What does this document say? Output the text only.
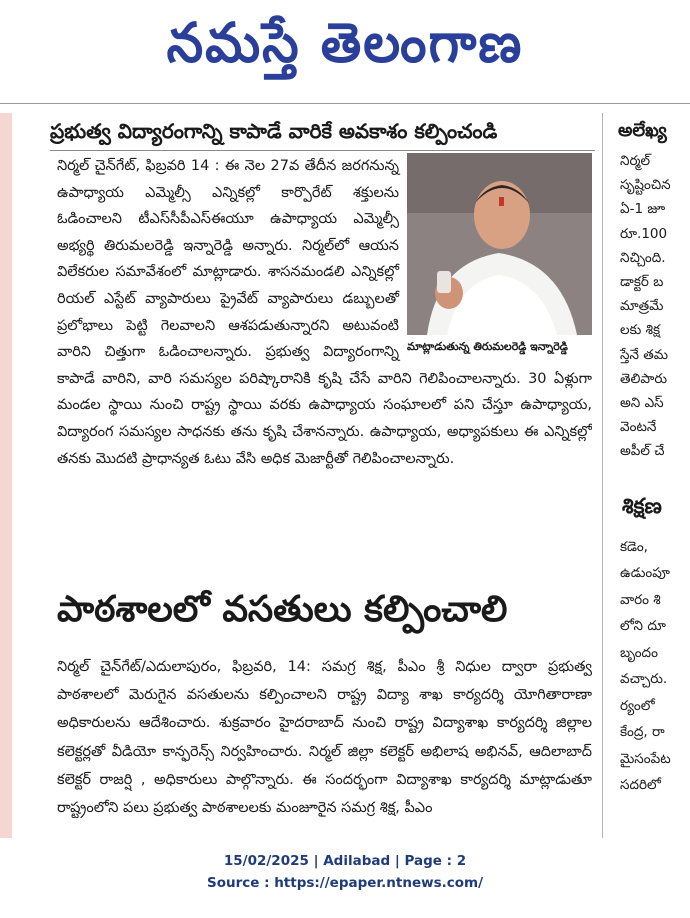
నమస్తే తెలంగాణ
ప్రభుత్వ విద్యారంగాన్ని కాపాడే వారికే అవకాశం కల్పించండి
మాట్లాడుతున్న తిరుమలరెడ్డి ఇన్నారెడ్డి
నిర్మల్ చైన్‌గేట్, ఫిబ్రవరి 14 : ఈ నెల 27వ తేదీన జరగనున్న ఉపాధ్యాయ ఎమ్మెల్సీ ఎన్నికల్లో కార్పొరేట్ శక్తులను ఓడించాలని టీఎస్‌సీపీఎస్‌ఈయూ ఉపాధ్యాయ ఎమ్మెల్సీ అభ్యర్థి తిరుమలరెడ్డి ఇన్నారెడ్డి అన్నారు. నిర్మల్‌లో ఆయన విలేకరుల సమావేశంలో మాట్లాడారు. శాసనమండలి ఎన్నికల్లో రియల్ ఎస్టేట్ వ్యాపారులు ప్రైవేట్ వ్యాపారులు డబ్బులతో ప్రలోభాలు పెట్టి గెలవాలని ఆశపడుతున్నారని అటువంటి వారిని చిత్తుగా ఓడించాలన్నారు. ప్రభుత్వ విద్యారంగాన్ని కాపాడే వారిని, వారి సమస్యల పరిష్కారానికి కృషి చేసే వారిని గెలిపించాలన్నారు. 30 ఏళ్లుగా మండల స్థాయి నుంచి రాష్ట్ర స్థాయి వరకు ఉపాధ్యాయ సంఘాలలో పని చేస్తూ ఉపాధ్యాయ, విద్యారంగ సమస్యల సాధనకు తను కృషి చేశానన్నారు. ఉపాధ్యాయ, అధ్యాపకులు ఈ ఎన్నికల్లో తనకు మొదటి ప్రాధాన్యత ఓటు వేసి అధిక మెజార్టీతో గెలిపించాలన్నారు.
పాఠశాలలో వసతులు కల్పించాలి
నిర్మల్ చైన్‌గేట్/ఎదులాపురం, ఫిబ్రవరి, 14: సమగ్ర శిక్ష, పీఎం శ్రీ నిధుల ద్వారా ప్రభుత్వ పాఠశాలలో మెరుగైన వసతులను కల్పించాలని రాష్ట్ర విద్యా శాఖ కార్యదర్శి యోగితారాణా అధికారులను ఆదేశించారు. శుక్రవారం హైదరాబాద్ నుంచి రాష్ట్ర విద్యాశాఖ కార్యదర్శి జిల్లాల కలెక్టర్లతో వీడియో కాన్ఫరెన్స్ నిర్వహించారు. నిర్మల్ జిల్లా కలెక్టర్ అభిలాష అభినవ్, ఆదిలాబాద్ కలెక్టర్ రాజర్షి , అధికారులు పాల్గొన్నారు. ఈ సందర్భంగా విద్యాశాఖ కార్యదర్శి మాట్లాడుతూ రాష్ట్రంలోని పలు ప్రభుత్వ పాఠశాలలకు మంజూరైన సమగ్ర శిక్ష, పీఎం
అలేఖ్య
నిర్మల్
సృష్టించిన
ఏ-1 జూ
రూ.100
నిచ్చింది.
డాక్టర్ బ
మాత్రమే
లకు శిక్ష
స్తేనే తమ
తెలిపారు
అని ఎస్
వెంటనే
అపీల్ చే
శిక్షణ
కడెం,
ఉడుంపూ
వారం శి
లోని దూ
బృందం
వచ్చారు.
ర్యంలో
కేంద్ర, రా
మైసంపేట
సదరిలో
15/02/2025 | Adilabad | Page : 2
Source : https://epaper.ntnews.com/
